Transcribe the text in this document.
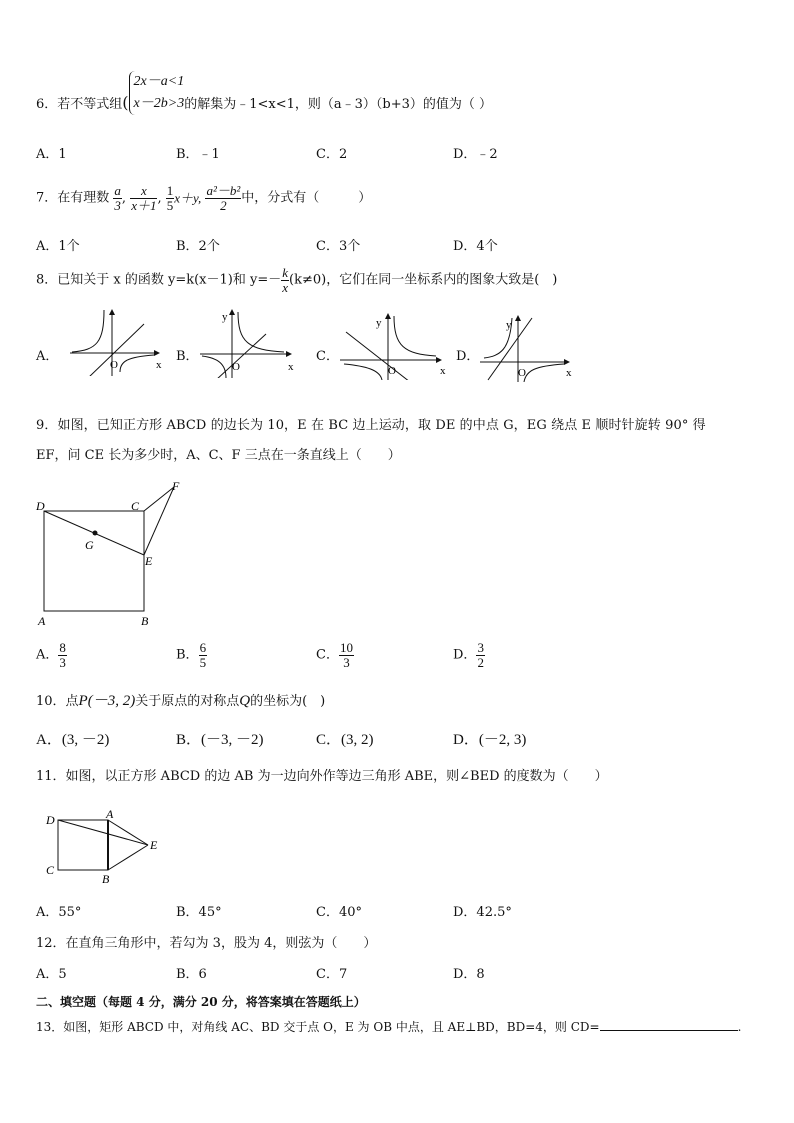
6．若不等式组(
2x－a<1
x－2b>3 的解集为﹣1<x<1，则（a﹣3）（b+3）的值为（ ）
A．1	B．﹣1	C．2	D．﹣2
7．在有理数 $\frac{a}{3}$ , $\frac{x}{x+1}$ , $\frac{1}{5} x+y$, $\frac{\text{a²－b²}}{2}$ 中，分式有（　　　）
A．1个	B．2个	C．3个	D．4个
8．已知关于 x 的函数 y=k(x－1)和 $y=- \frac{k}{x} (k\ne 0)$，它们在同一坐标系内的图象大致是(　)
A．	B．	C．	D．
O	x
y
O	x
y
O	x
y
O	x
9．如图，已知正方形 ABCD 的边长为 10，E 在 BC 边上运动，取 DE 的中点 G，EG 绕点 E 顺时针旋转 90° 得
EF，问 CE 长为多少时，A、C、F 三点在一条直线上（　　）
D	C
F
G
E
A	B
A． $\frac{8}{3}$	B． $\frac{6}{5}$	C． $\frac{10}{3}$	D． $\frac{3}{2}$
10．点P(－3, 2)关于原点的对称点Q的坐标为(　)
A．(3, －2)	B．(－3, －2)	C．(3, 2)	D．(－2, 3)
11．如图，以正方形 ABCD 的边 AB 为一边向外作等边三角形 ABE，则∠BED 的度数为（　　）
D	A
E
C
B
A．55°	B．45°	C．40°	D．42.5°
12．在直角三角形中，若勾为 3，股为 4，则弦为（　　）
A．5	B．6	C．7	D．8
二、填空题（每题 4 分，满分 20 分，将答案填在答题纸上）
13．如图，矩形 ABCD 中，对角线 AC、BD 交于点 O，E 为 OB 中点，且 AE⊥BD，BD=4，则 CD=	.
